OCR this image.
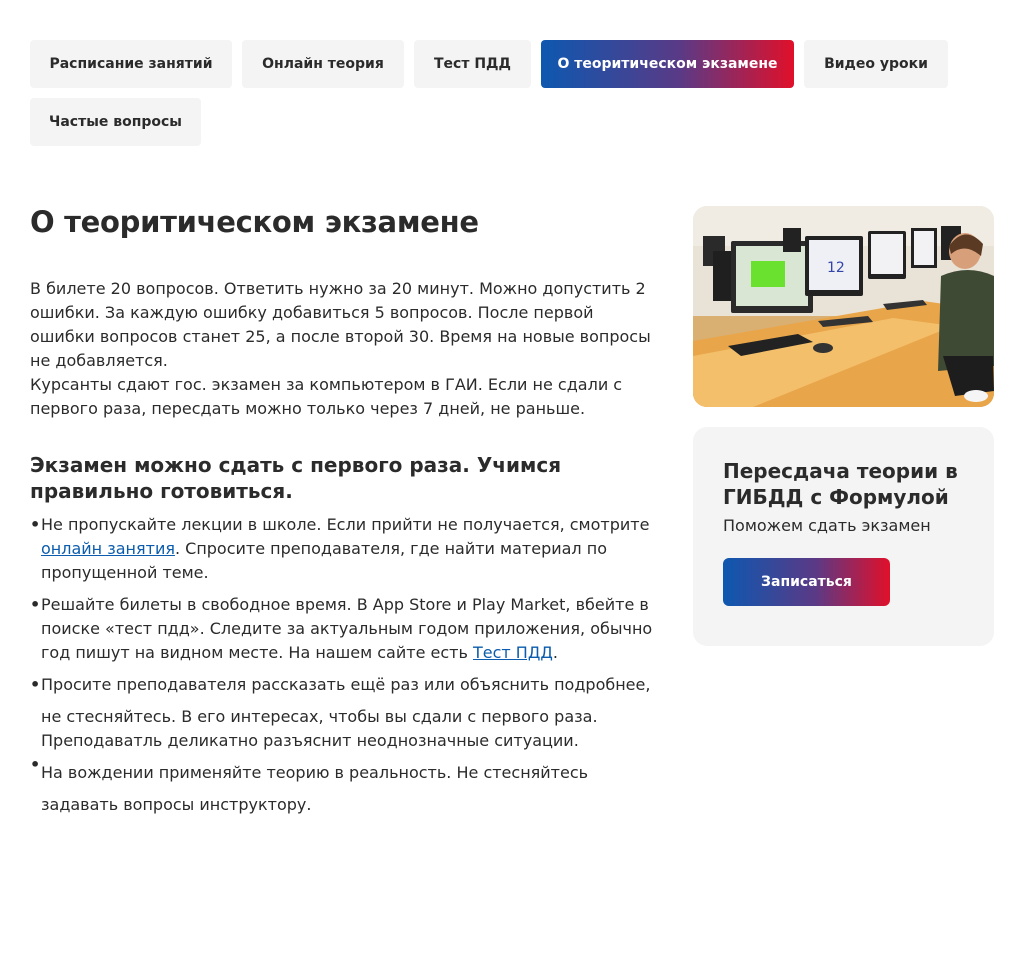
Расписание занятий	Онлайн теория	Тест ПДД	О теоритическом экзамене	Видео уроки
Частые вопросы
О теоритическом экзамене

В билете 20 вопросов. Ответить нужно за 20 минут. Можно допустить 2 ошибки. За каждую ошибку добавиться 5 вопросов. После первой ошибки вопросов станет 25, а после второй 30. Время на новые вопросы не добавляется.

Курсанты сдают гос. экзамен за компьютером в ГАИ. Если не сдали с первого раза, пересдать можно только через 7 дней, не раньше.

Экзамен можно сдать с первого раза. Учимся правильно готовиться.
• Не пропускайте лекции в школе. Если прийти не получается, смотрите онлайн занятия. Спросите преподавателя, где найти материал по пропущенной теме.
• Решайте билеты в свободное время. В App Store и Play Market, вбейте в поиске «тест пдд». Следите за актуальным годом приложения, обычно год пишут на видном месте. На нашем сайте есть Тест ПДД.
• Просите преподавателя рассказать ещё раз или объяснить подробнее,
не стесняйтесь. В его интересах, чтобы вы сдали с первого раза. Преподаватль деликатно разъяснит неоднозначные ситуации.
• На вождении применяйте теорию в реальность. Не стесняйтесь
задавать вопросы инструктору.
12
Пересдача теории в ГИБДД с Формулой
Поможем сдать экзамен
Записаться
